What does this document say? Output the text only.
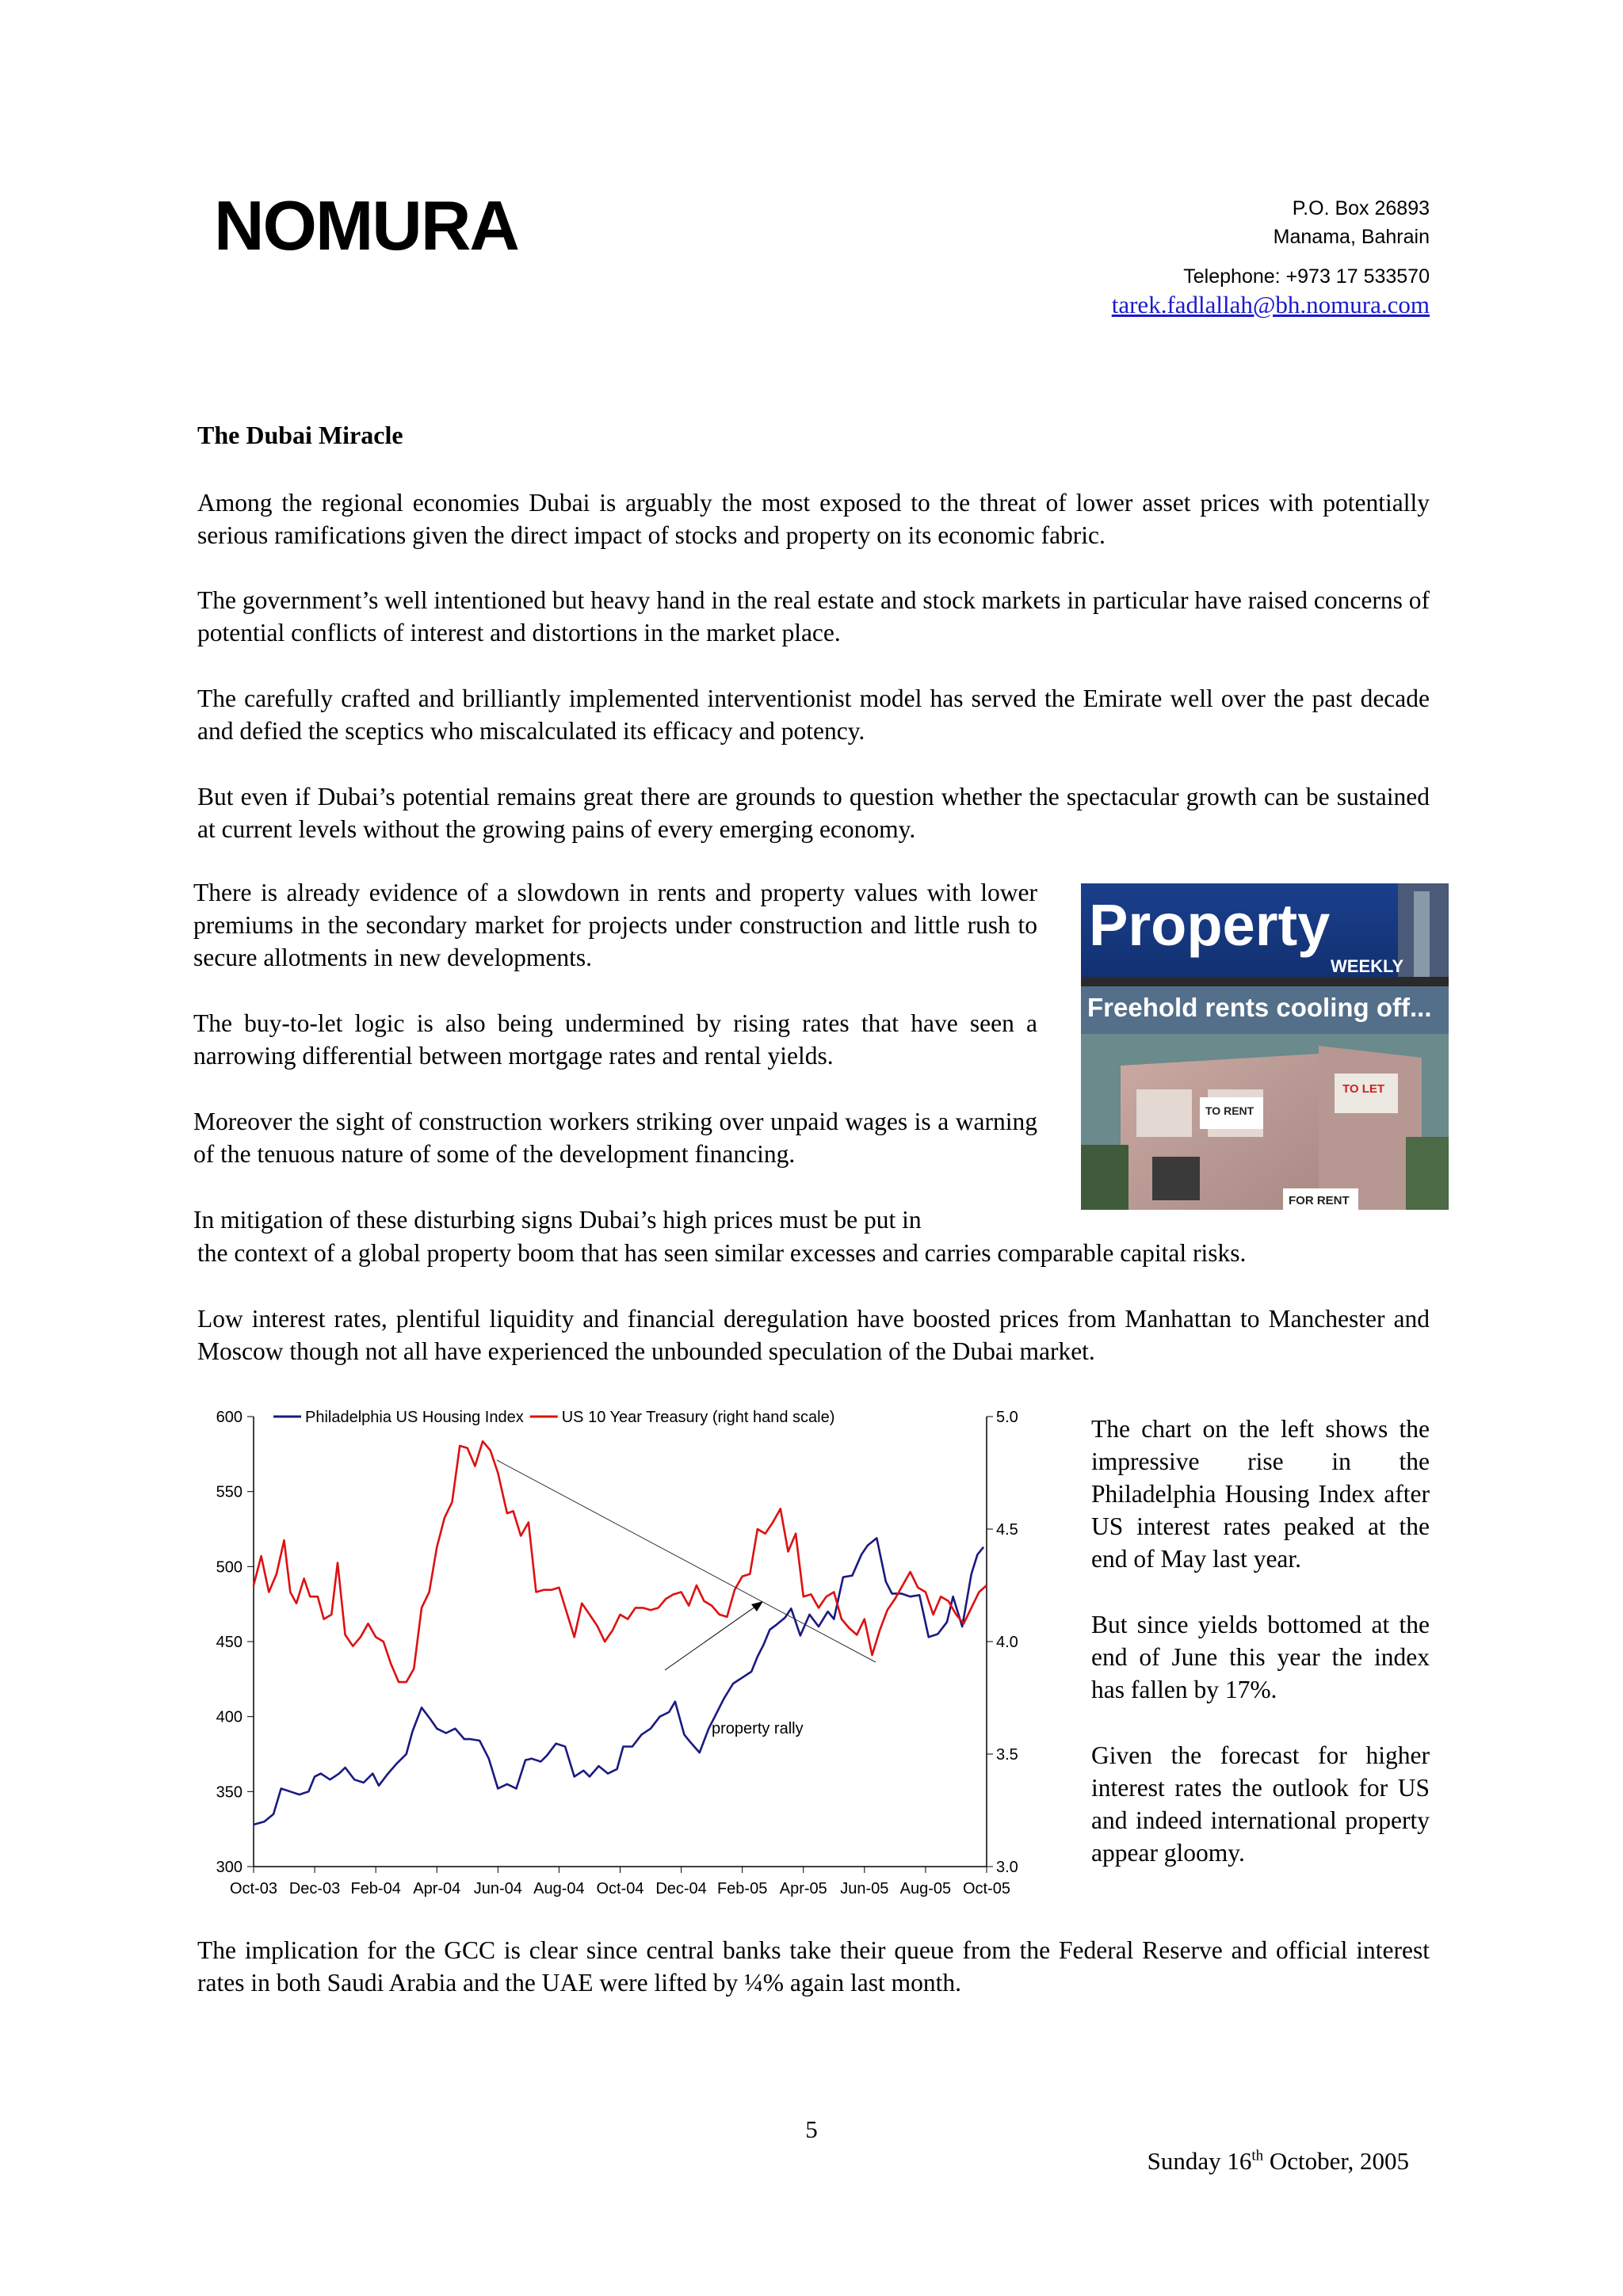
NOMURA	P.O. Box 26893
Manama, Bahrain
Telephone: +973 17 533570
tarek.fadlallah@bh.nomura.com
The Dubai Miracle
Among the regional economies Dubai is arguably the most exposed to the threat of lower asset prices with potentially serious ramifications given the direct impact of stocks and property on its economic fabric.
The government’s well intentioned but heavy hand in the real estate and stock markets in particular have raised concerns of potential conflicts of interest and distortions in the market place.
The carefully crafted and brilliantly implemented interventionist model has served the Emirate well over the past decade and defied the sceptics who miscalculated its efficacy and potency.
But even if Dubai’s potential remains great there are grounds to question whether the spectacular growth can be sustained at current levels without the growing pains of every emerging economy.
There is already evidence of a slowdown in rents and property values with lower premiums in the secondary market for projects under construction and little rush to secure allotments in new developments.
The buy-to-let logic is also being undermined by rising rates that have seen a narrowing differential between mortgage rates and rental yields.
Moreover the sight of construction workers striking over unpaid wages is a warning of the tenuous nature of some of the development financing.
In mitigation of these disturbing signs Dubai’s high prices must be put in
the context of a global property boom that has seen similar excesses and carries comparable capital risks.
Low interest rates, plentiful liquidity and financial deregulation have boosted prices from Manhattan to Manchester and Moscow though not all have experienced the unbounded speculation of the Dubai market.
Property
WEEKLY
Freehold rents cooling off...
TO LET
TO RENT
FOR RENT
300
350
400
450
500
550
600
3.0
3.5
4.0
4.5
5.0
Oct-03 Dec-03 Feb-04 Apr-04 Jun-04 Aug-04 Oct-04 Dec-04 Feb-05 Apr-05 Jun-05 Aug-05 Oct-05
Philadelphia US Housing Index US 10 Year Treasury (right hand scale)
property rally
The chart on the left shows the impressive rise in the Philadelphia Housing Index after US interest rates peaked at the end of May last year.
But since yields bottomed at the end of June this year the index has fallen by 17%.
Given the forecast for higher interest rates the outlook for US and indeed international property appear gloomy.
The implication for the GCC is clear since central banks take their queue from the Federal Reserve and official interest rates in both Saudi Arabia and the UAE were lifted by ¼% again last month.
5
Sunday 16th October, 2005
